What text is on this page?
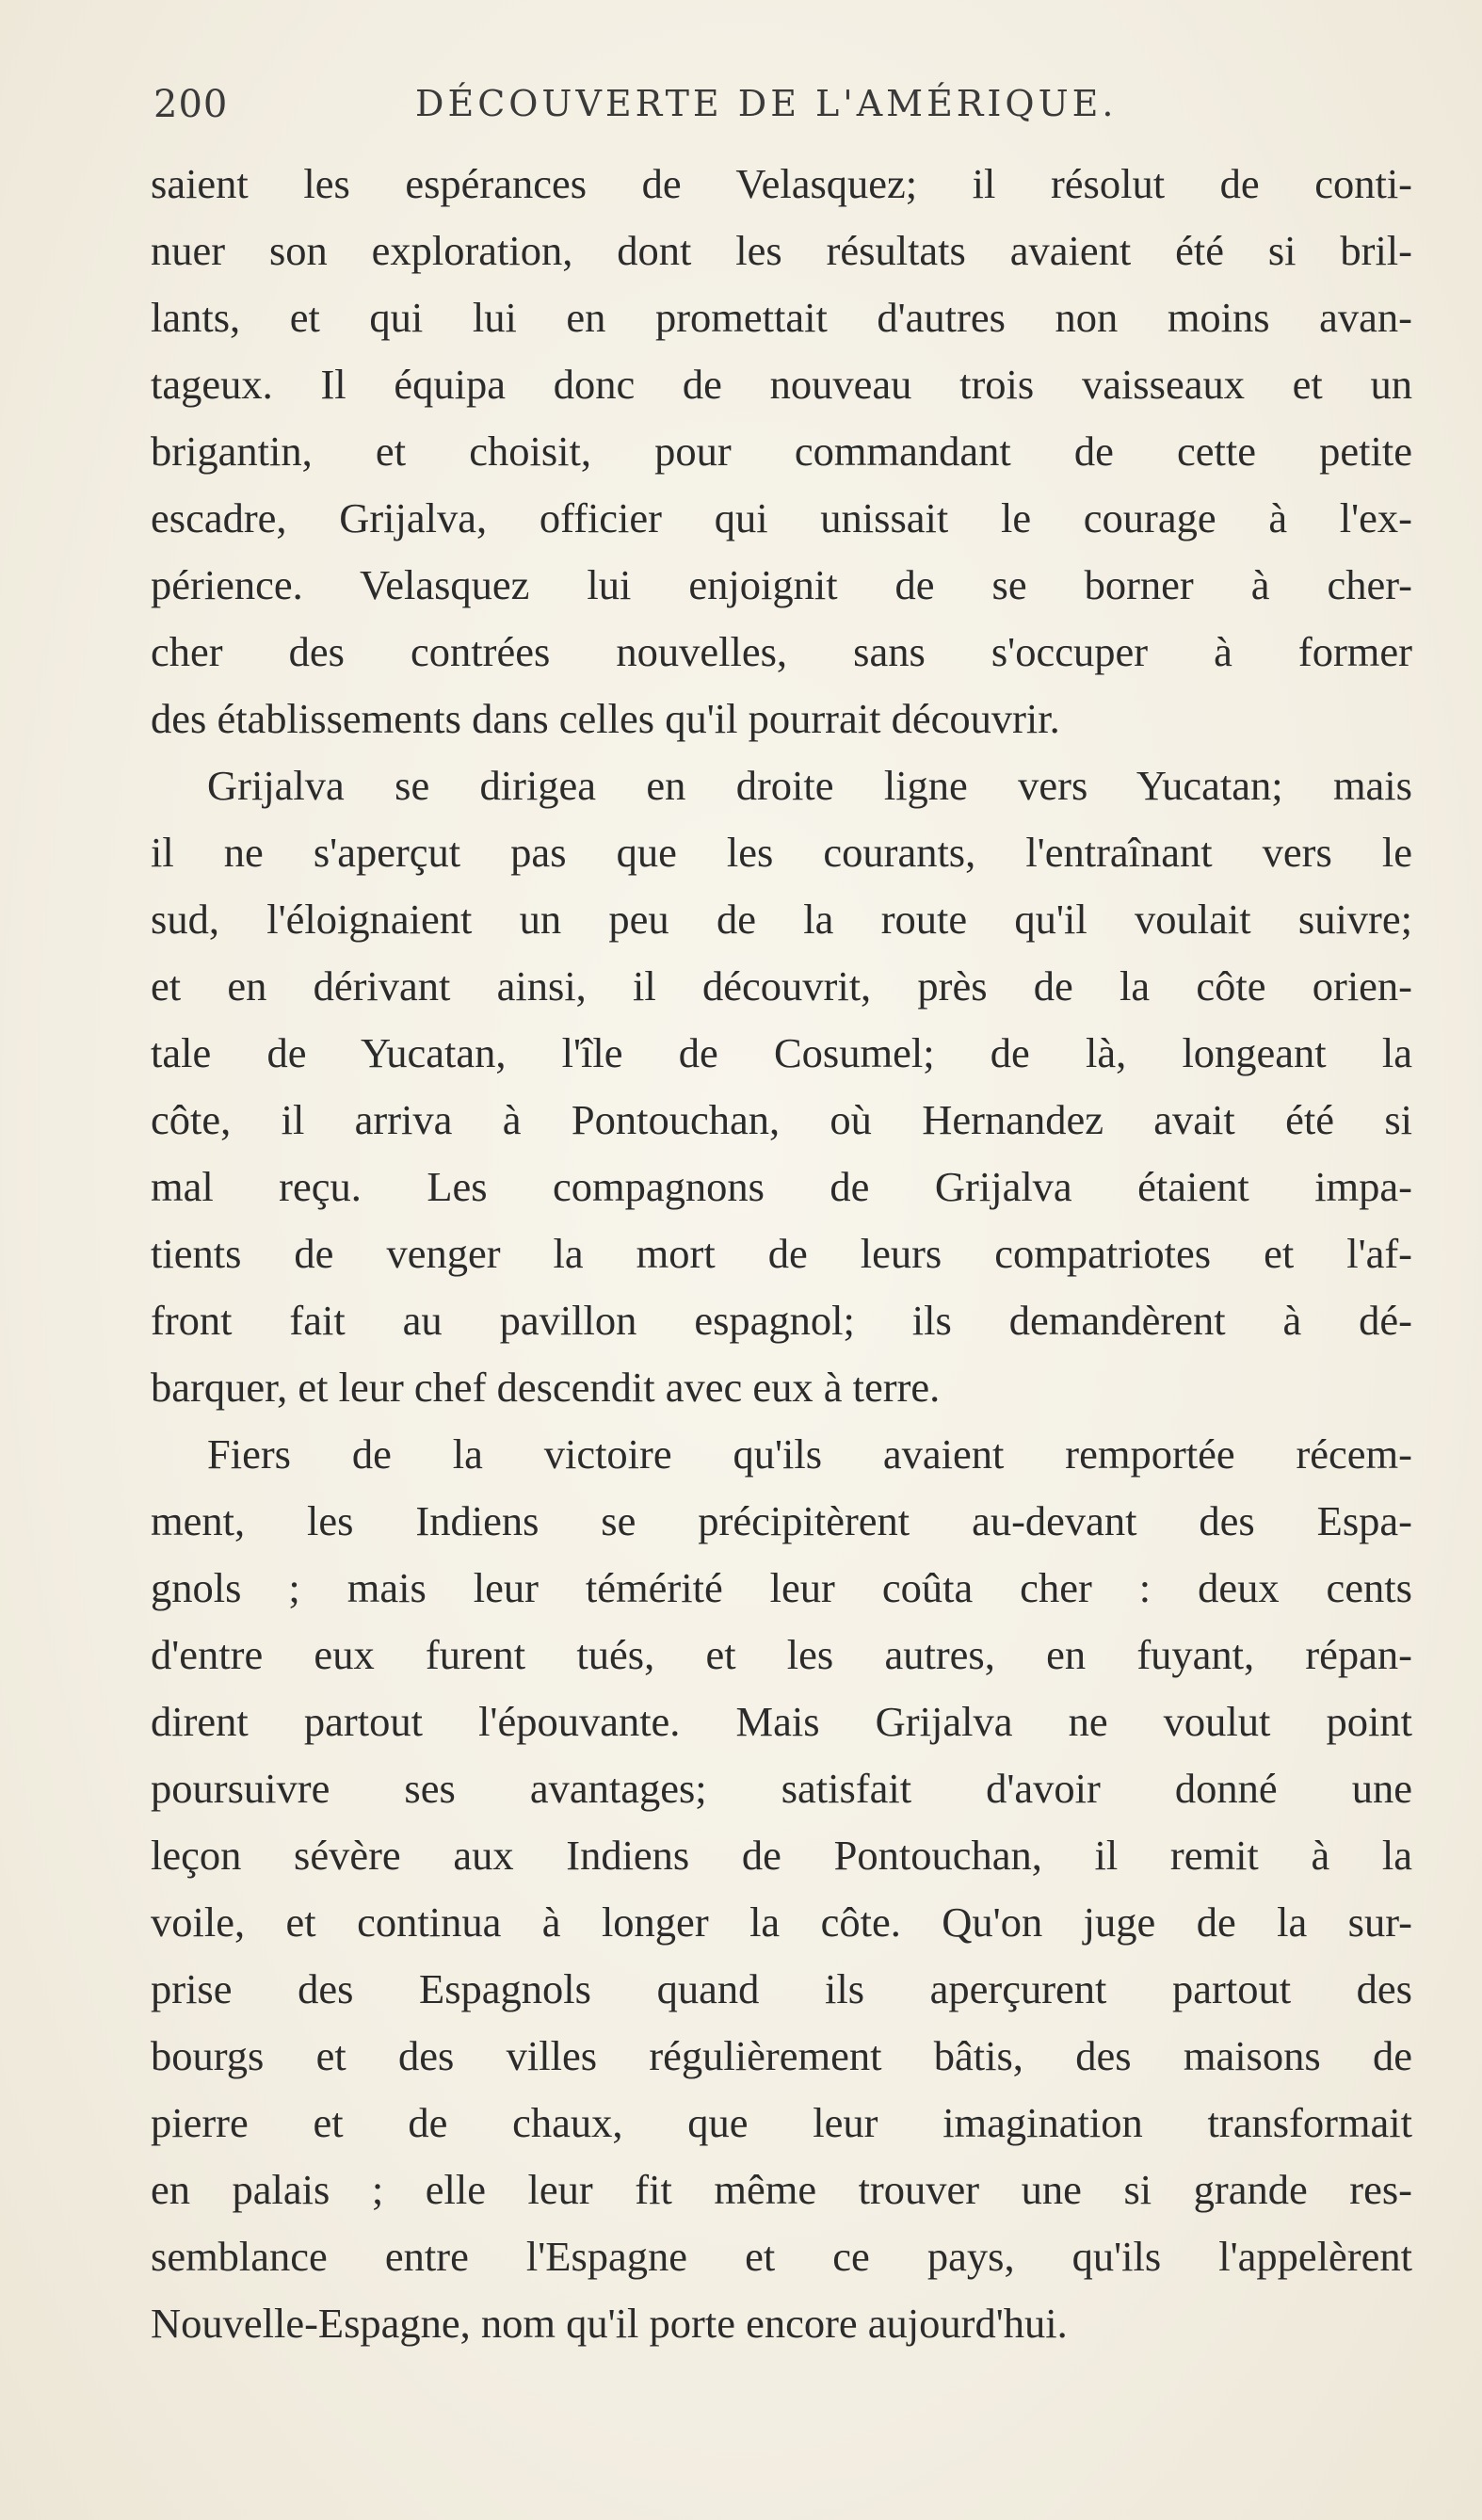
200	DÉCOUVERTE DE L'AMÉRIQUE.
saient les espérances de Velasquez; il résolut de conti-
nuer son exploration, dont les résultats avaient été si bril-
lants, et qui lui en promettait d'autres non moins avan-
tageux. Il équipa donc de nouveau trois vaisseaux et un
brigantin, et choisit, pour commandant de cette petite
escadre, Grijalva, officier qui unissait le courage à l'ex-
périence. Velasquez lui enjoignit de se borner à cher-
cher des contrées nouvelles, sans s'occuper à former
des établissements dans celles qu'il pourrait découvrir.
Grijalva se dirigea en droite ligne vers Yucatan; mais
il ne s'aperçut pas que les courants, l'entraînant vers le
sud, l'éloignaient un peu de la route qu'il voulait suivre;
et en dérivant ainsi, il découvrit, près de la côte orien-
tale de Yucatan, l'île de Cosumel; de là, longeant la
côte, il arriva à Pontouchan, où Hernandez avait été si
mal reçu. Les compagnons de Grijalva étaient impa-
tients de venger la mort de leurs compatriotes et l'af-
front fait au pavillon espagnol; ils demandèrent à dé-
barquer, et leur chef descendit avec eux à terre.
Fiers de la victoire qu'ils avaient remportée récem-
ment, les Indiens se précipitèrent au-devant des Espa-
gnols ; mais leur témérité leur coûta cher : deux cents
d'entre eux furent tués, et les autres, en fuyant, répan-
dirent partout l'épouvante. Mais Grijalva ne voulut point
poursuivre ses avantages; satisfait d'avoir donné une
leçon sévère aux Indiens de Pontouchan, il remit à la
voile, et continua à longer la côte. Qu'on juge de la sur-
prise des Espagnols quand ils aperçurent partout des
bourgs et des villes régulièrement bâtis, des maisons de
pierre et de chaux, que leur imagination transformait
en palais ; elle leur fit même trouver une si grande res-
semblance entre l'Espagne et ce pays, qu'ils l'appelèrent
Nouvelle-Espagne, nom qu'il porte encore aujourd'hui.
